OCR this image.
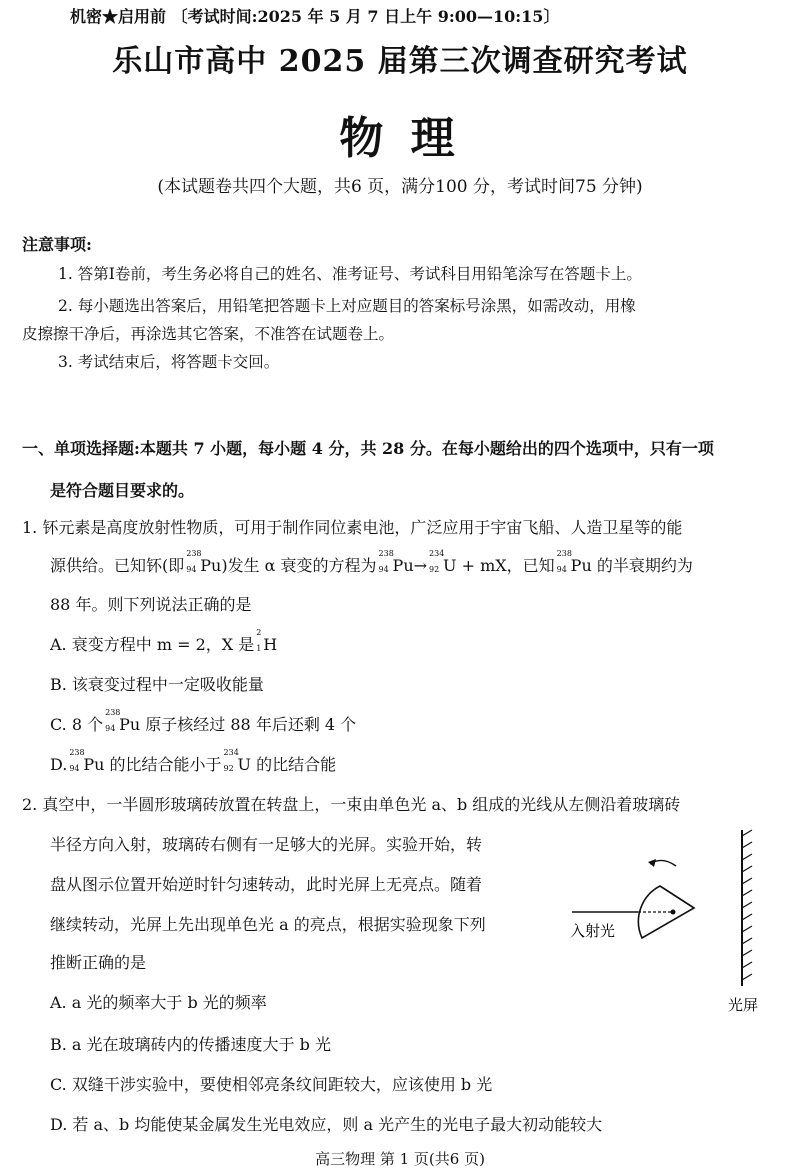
机密★启用前 〔考试时间:2025 年 5 月 7 日上午 9:00—10:15〕
乐山市高中 2025 届第三次调查研究考试
物 理
(本试题卷共四个大题，共6 页，满分100 分，考试时间75 分钟)
注意事项:
1. 答第Ⅰ卷前，考生务必将自己的姓名、准考证号、考试科目用铅笔涂写在答题卡上。
2. 每小题选出答案后，用铅笔把答题卡上对应题目的答案标号涂黑，如需改动，用橡
皮擦擦干净后，再涂选其它答案，不准答在试题卷上。
3. 考试结束后，将答题卡交回。
一、单项选择题:本题共 7 小题，每小题 4 分，共 28 分。在每小题给出的四个选项中，只有一项
是符合题目要求的。
1. 钚元素是高度放射性物质，可用于制作同位素电池，广泛应用于宇宙飞船、人造卫星等的能
源供给。已知钚(即
238
94 Pu)发生 α 衰变的方程为
238
94 Pu→
234
92 U + mX，已知
238
94 Pu 的半衰期约为
88 年。则下列说法正确的是
A. 衰变方程中 m = 2，X 是
2
1 H
B. 该衰变过程中一定吸收能量
C. 8 个
238
94 Pu 原子核经过 88 年后还剩 4 个
D.
238
94 Pu 的比结合能小于
234
92 U 的比结合能
2. 真空中，一半圆形玻璃砖放置在转盘上，一束由单色光 a、b 组成的光线从左侧沿着玻璃砖
半径方向入射，玻璃砖右侧有一足够大的光屏。实验开始，转
盘从图示位置开始逆时针匀速转动，此时光屏上无亮点。随着
继续转动，光屏上先出现单色光 a 的亮点，根据实验现象下列
推断正确的是
入射光
光屏
A. a 光的频率大于 b 光的频率
B. a 光在玻璃砖内的传播速度大于 b 光
C. 双缝干涉实验中，要使相邻亮条纹间距较大，应该使用 b 光
D. 若 a、b 均能使某金属发生光电效应，则 a 光产生的光电子最大初动能较大
高三物理 第 1 页(共6 页)
